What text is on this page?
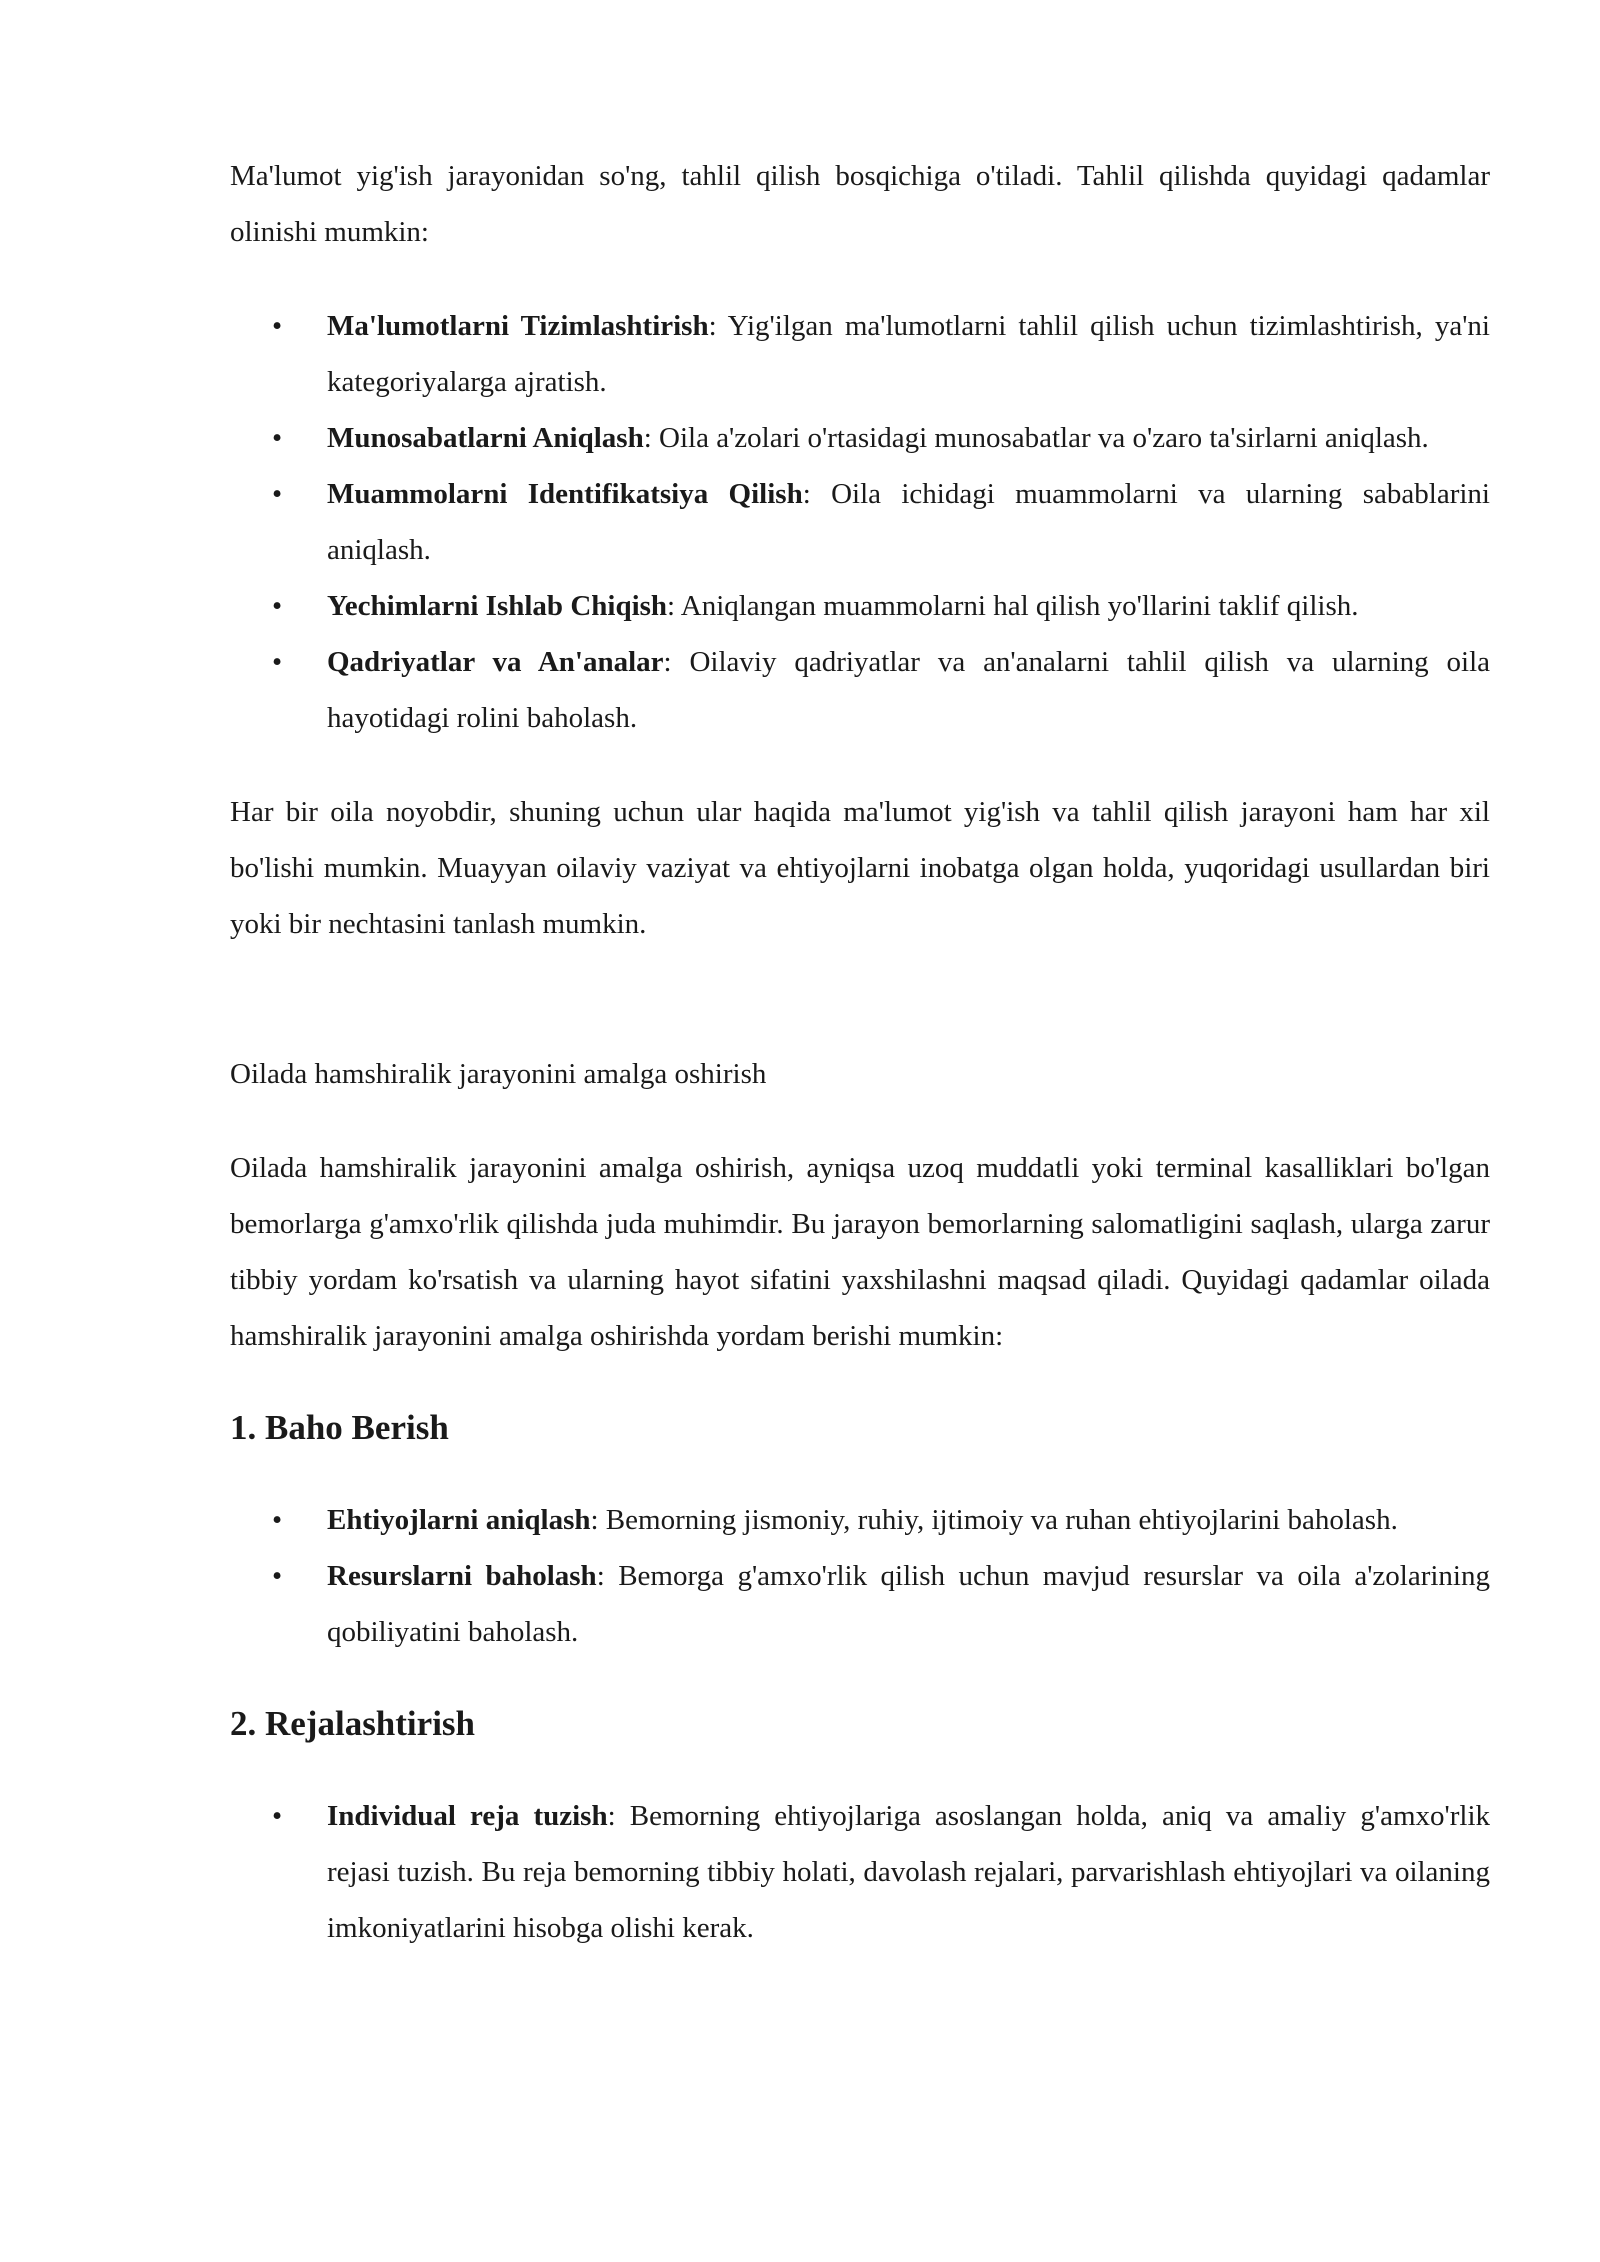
Ma'lumot yig'ish jarayonidan so'ng, tahlil qilish bosqichiga o'tiladi. Tahlil qilishda quyidagi qadamlar olinishi mumkin:

• Ma'lumotlarni Tizimlashtirish: Yig'ilgan ma'lumotlarni tahlil qilish uchun tizimlashtirish, ya'ni kategoriyalarga ajratish.
• Munosabatlarni Aniqlash: Oila a'zolari o'rtasidagi munosabatlar va o'zaro ta'sirlarni aniqlash.
• Muammolarni Identifikatsiya Qilish: Oila ichidagi muammolarni va ularning sabablarini aniqlash.
• Yechimlarni Ishlab Chiqish: Aniqlangan muammolarni hal qilish yo'llarini taklif qilish.
• Qadriyatlar va An'analar: Oilaviy qadriyatlar va an'analarni tahlil qilish va ularning oila hayotidagi rolini baholash.

Har bir oila noyobdir, shuning uchun ular haqida ma'lumot yig'ish va tahlil qilish jarayoni ham har xil bo'lishi mumkin. Muayyan oilaviy vaziyat va ehtiyojlarni inobatga olgan holda, yuqoridagi usullardan biri yoki bir nechtasini tanlash mumkin.

Oilada hamshiralik jarayonini amalga oshirish

Oilada hamshiralik jarayonini amalga oshirish, ayniqsa uzoq muddatli yoki terminal kasalliklari bo'lgan bemorlarga g'amxo'rlik qilishda juda muhimdir. Bu jarayon bemorlarning salomatligini saqlash, ularga zarur tibbiy yordam ko'rsatish va ularning hayot sifatini yaxshilashni maqsad qiladi. Quyidagi qadamlar oilada hamshiralik jarayonini amalga oshirishda yordam berishi mumkin:

1. Baho Berish
• Ehtiyojlarni aniqlash: Bemorning jismoniy, ruhiy, ijtimoiy va ruhan ehtiyojlarini baholash.
• Resurslarni baholash: Bemorga g'amxo'rlik qilish uchun mavjud resurslar va oila a'zolarining qobiliyatini baholash.
2. Rejalashtirish
• Individual reja tuzish: Bemorning ehtiyojlariga asoslangan holda, aniq va amaliy g'amxo'rlik rejasi tuzish. Bu reja bemorning tibbiy holati, davolash rejalari, parvarishlash ehtiyojlari va oilaning imkoniyatlarini hisobga olishi kerak.
